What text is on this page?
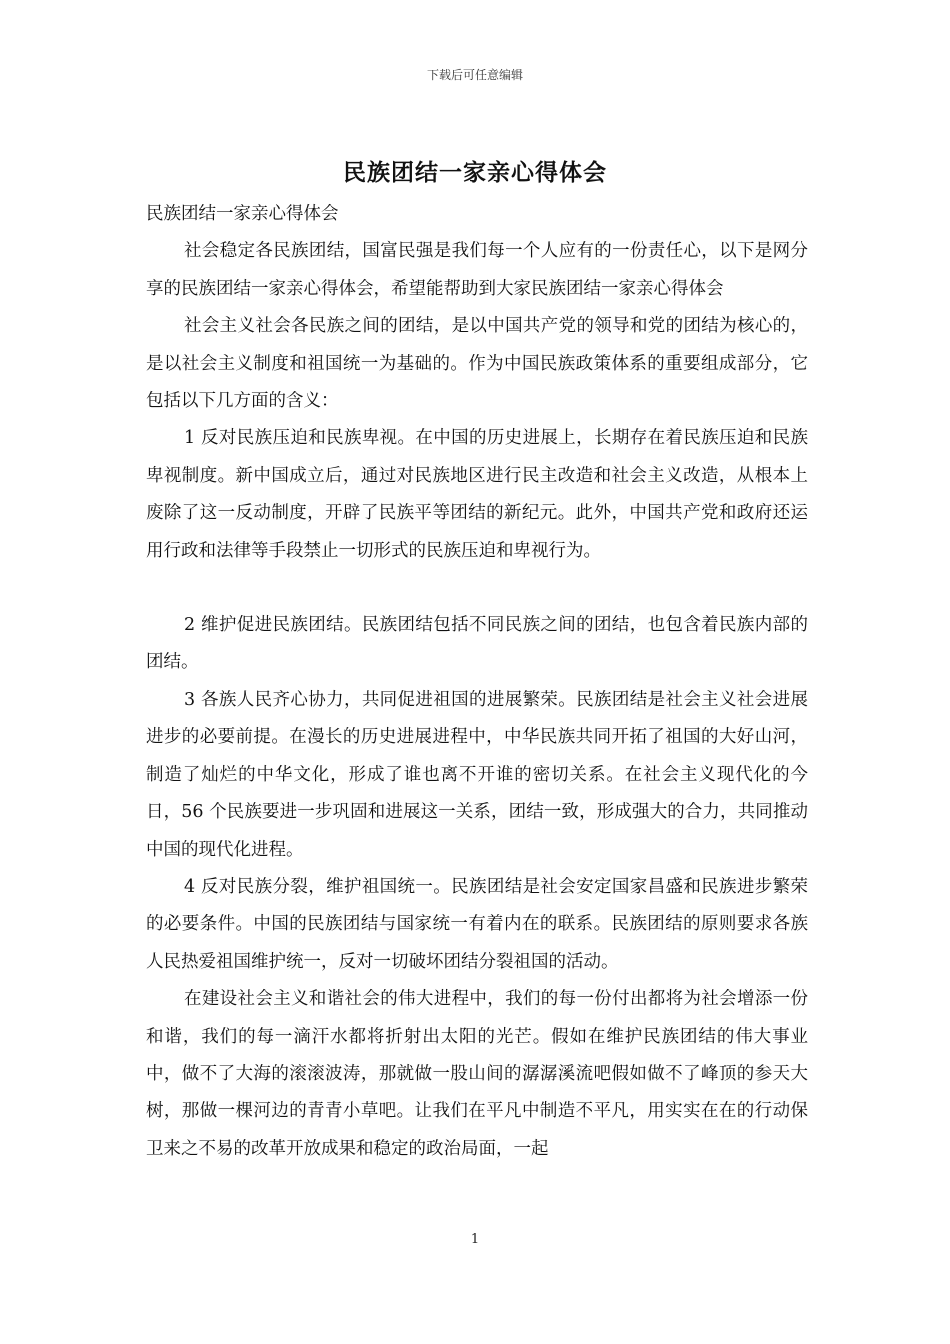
下载后可任意编辑
民族团结一家亲心得体会

民族团结一家亲心得体会

社会稳定各民族团结，国富民强是我们每一个人应有的一份责任心，以下是网分享的民族团结一家亲心得体会，希望能帮助到大家民族团结一家亲心得体会

社会主义社会各民族之间的团结，是以中国共产党的领导和党的团结为核心的，是以社会主义制度和祖国统一为基础的。作为中国民族政策体系的重要组成部分，它包括以下几方面的含义：

1 反对民族压迫和民族卑视。在中国的历史进展上，长期存在着民族压迫和民族卑视制度。新中国成立后，通过对民族地区进行民主改造和社会主义改造，从根本上废除了这一反动制度，开辟了民族平等团结的新纪元。此外，中国共产党和政府还运用行政和法律等手段禁止一切形式的民族压迫和卑视行为。

2 维护促进民族团结。民族团结包括不同民族之间的团结，也包含着民族内部的团结。

3 各族人民齐心协力，共同促进祖国的进展繁荣。民族团结是社会主义社会进展进步的必要前提。在漫长的历史进展进程中，中华民族共同开拓了祖国的大好山河，制造了灿烂的中华文化，形成了谁也离不开谁的密切关系。在社会主义现代化的今日，56 个民族要进一步巩固和进展这一关系，团结一致，形成强大的合力，共同推动中国的现代化进程。

4 反对民族分裂，维护祖国统一。民族团结是社会安定国家昌盛和民族进步繁荣的必要条件。中国的民族团结与国家统一有着内在的联系。民族团结的原则要求各族人民热爱祖国维护统一，反对一切破坏团结分裂祖国的活动。

在建设社会主义和谐社会的伟大进程中，我们的每一份付出都将为社会增添一份和谐，我们的每一滴汗水都将折射出太阳的光芒。假如在维护民族团结的伟大事业中，做不了大海的滚滚波涛，那就做一股山间的潺潺溪流吧假如做不了峰顶的参天大树，那做一棵河边的青青小草吧。让我们在平凡中制造不平凡，用实实在在的行动保卫来之不易的改革开放成果和稳定的政治局面，一起

1
